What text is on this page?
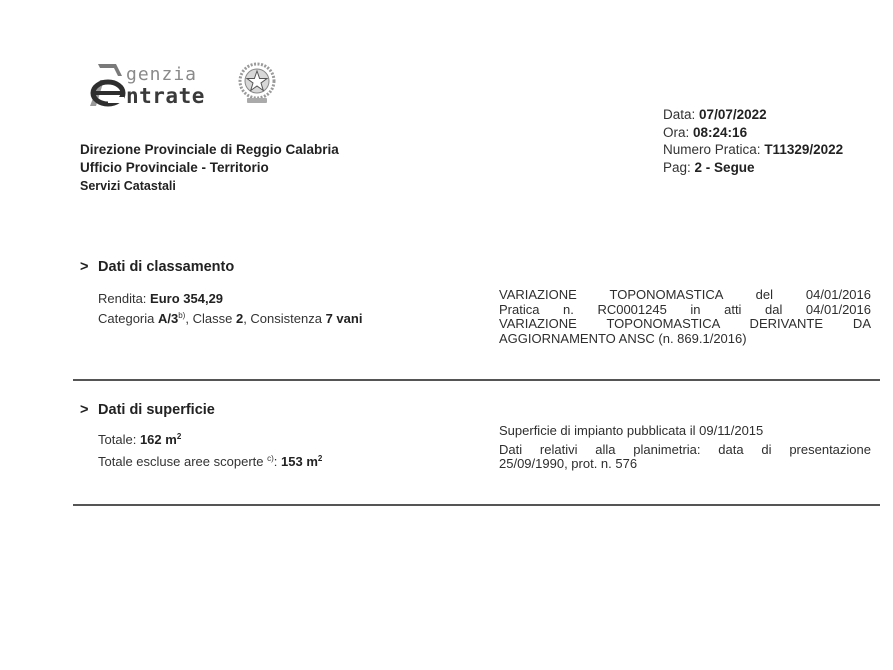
genzia
ntrate
Direzione Provinciale di Reggio Calabria
Ufficio Provinciale - Territorio
Servizi Catastali
Data: 07/07/2022
Ora: 08:24:16
Numero Pratica: T11329/2022
Pag: 2 - Segue
> Dati di classamento
Rendita: Euro 354,29
Categoria A/3$^{b)}$, Classe 2, Consistenza 7 vani
VARIAZIONE TOPONOMASTICA del 04/01/2016
Pratica n. RC0001245 in atti dal 04/01/2016
VARIAZIONE TOPONOMASTICA DERIVANTE DA
AGGIORNAMENTO ANSC (n. 869.1/2016)
> Dati di superficie
Totale: 162 $m^2$
Totale escluse aree scoperte $^{c)}$: 153 $m^2$
Superficie di impianto pubblicata il 09/11/2015
Dati relativi alla planimetria: data di presentazione
25/09/1990, prot. n. 576
